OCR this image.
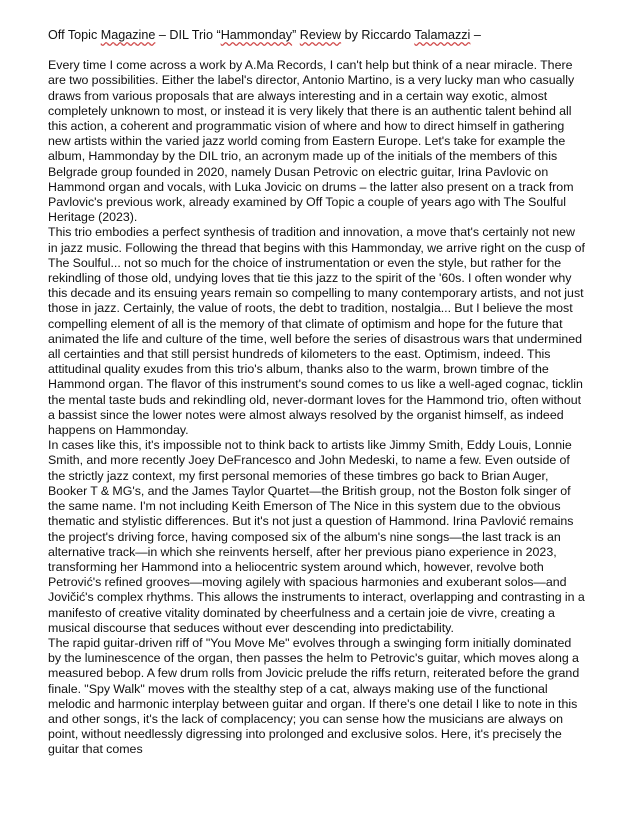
Off Topic Magazine – DIL Trio “Hammonday” Review by Riccardo Talamazzi –

Every time I come across a work by A.Ma Records, I can't help but think of a near miracle. There are two possibilities. Either the label's director, Antonio Martino, is a very lucky man who casually draws from various proposals that are always interesting and in a certain way exotic, almost completely unknown to most, or instead it is very likely that there is an authentic talent behind all this action, a coherent and programmatic vision of where and how to direct himself in gathering new artists within the varied jazz world coming from Eastern Europe. Let's take for example the album, Hammonday by the DIL trio, an acronym made up of the initials of the members of this Belgrade group founded in 2020, namely Dusan Petrovic on electric guitar, Irina Pavlovic on Hammond organ and vocals, with Luka Jovicic on drums – the latter also present on a track from Pavlovic's previous work, already examined by Off Topic a couple of years ago with The Soulful Heritage (2023).

This trio embodies a perfect synthesis of tradition and innovation, a move that's certainly not new in jazz music. Following the thread that begins with this Hammonday, we arrive right on the cusp of The Soulful... not so much for the choice of instrumentation or even the style, but rather for the rekindling of those old, undying loves that tie this jazz to the spirit of the '60s. I often wonder why this decade and its ensuing years remain so compelling to many contemporary artists, and not just those in jazz. Certainly, the value of roots, the debt to tradition, nostalgia... But I believe the most compelling element of all is the memory of that climate of optimism and hope for the future that animated the life and culture of the time, well before the series of disastrous wars that undermined all certainties and that still persist hundreds of kilometers to the east. Optimism, indeed. This attitudinal quality exudes from this trio's album, thanks also to the warm, brown timbre of the Hammond organ. The flavor of this instrument's sound comes to us like a well-aged cognac, ticklin the mental taste buds and rekindling old, never-dormant loves for the Hammond trio, often without a bassist since the lower notes were almost always resolved by the organist himself, as indeed happens on Hammonday.

In cases like this, it's impossible not to think back to artists like Jimmy Smith, Eddy Louis, Lonnie Smith, and more recently Joey DeFrancesco and John Medeski, to name a few. Even outside of the strictly jazz context, my first personal memories of these timbres go back to Brian Auger, Booker T & MG's, and the James Taylor Quartet—the British group, not the Boston folk singer of the same name. I'm not including Keith Emerson of The Nice in this system due to the obvious thematic and stylistic differences. But it's not just a question of Hammond. Irina Pavlović remains the project's driving force, having composed six of the album's nine songs—the last track is an alternative track—in which she reinvents herself, after her previous piano experience in 2023, transforming her Hammond into a heliocentric system around which, however, revolve both Petrović's refined grooves—moving agilely with spacious harmonies and exuberant solos—and Jovičić's complex rhythms. This allows the instruments to interact, overlapping and contrasting in a manifesto of creative vitality dominated by cheerfulness and a certain joie de vivre, creating a musical discourse that seduces without ever descending into predictability.

The rapid guitar-driven riff of "You Move Me" evolves through a swinging form initially dominated by the luminescence of the organ, then passes the helm to Petrovic's guitar, which moves along a measured bebop. A few drum rolls from Jovicic prelude the riffs return, reiterated before the grand finale. "Spy Walk" moves with the stealthy step of a cat, always making use of the functional melodic and harmonic interplay between guitar and organ. If there's one detail I like to note in this and other songs, it's the lack of complacency; you can sense how the musicians are always on point, without needlessly digressing into prolonged and exclusive solos. Here, it's precisely the guitar that comes
